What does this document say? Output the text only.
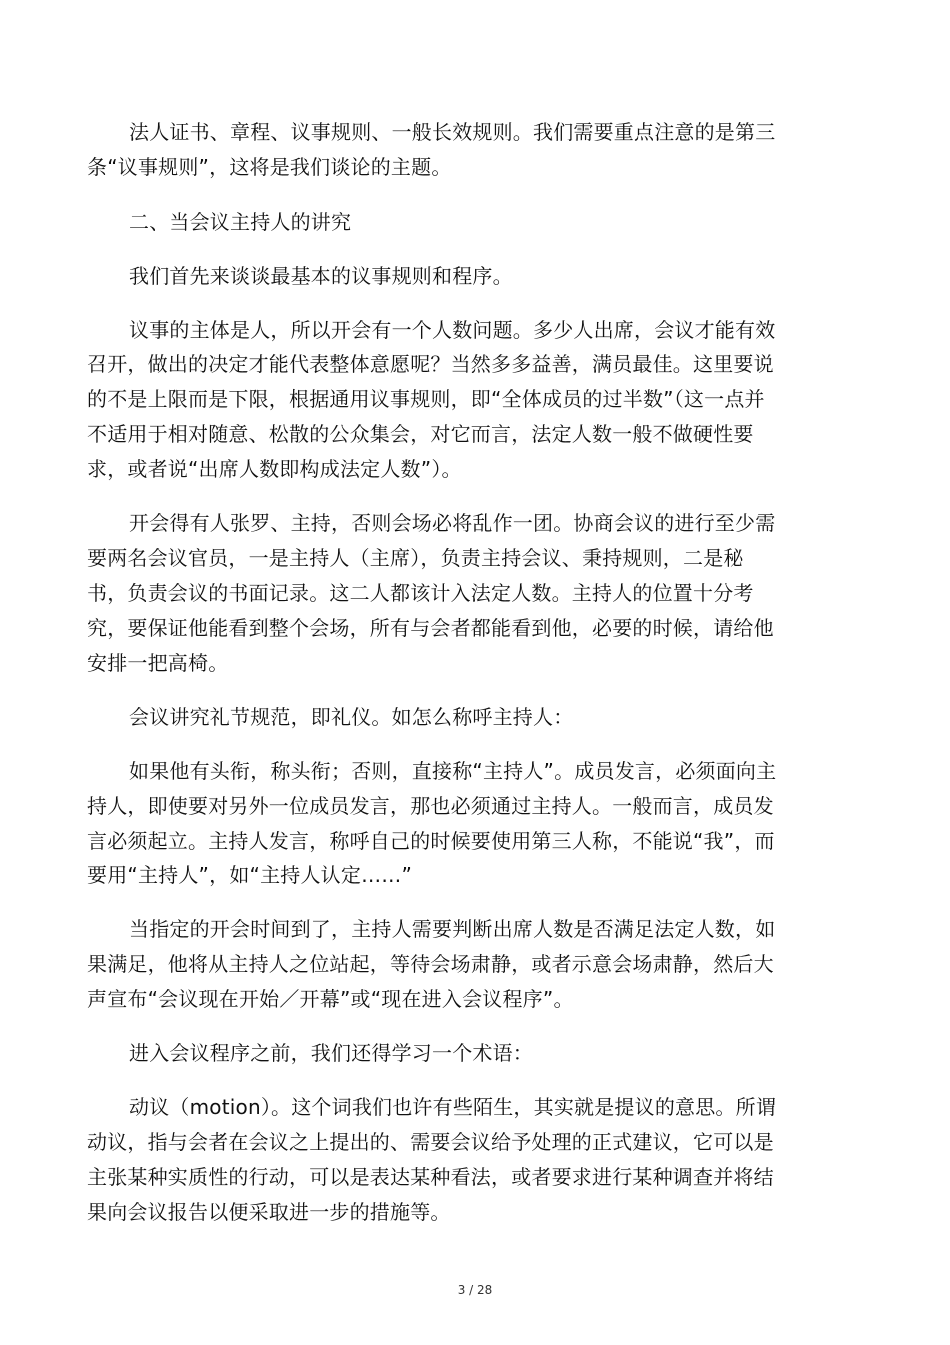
法人证书、章程、议事规则、一般长效规则。我们需要重点注意的是第三
条“议事规则”，这将是我们谈论的主题。
二、当会议主持人的讲究
我们首先来谈谈最基本的议事规则和程序。
议事的主体是人，所以开会有一个人数问题。多少人出席，会议才能有效
召开，做出的决定才能代表整体意愿呢？当然多多益善，满员最佳。这里要说
的不是上限而是下限，根据通用议事规则，即“全体成员的过半数”（这一点并
不适用于相对随意、松散的公众集会，对它而言，法定人数一般不做硬性要
求，或者说“出席人数即构成法定人数”）。
开会得有人张罗、主持，否则会场必将乱作一团。协商会议的进行至少需
要两名会议官员，一是主持人（主席），负责主持会议、秉持规则，二是秘
书，负责会议的书面记录。这二人都该计入法定人数。主持人的位置十分考
究，要保证他能看到整个会场，所有与会者都能看到他，必要的时候，请给他
安排一把高椅。
会议讲究礼节规范，即礼仪。如怎么称呼主持人：
如果他有头衔，称头衔；否则，直接称“主持人”。成员发言，必须面向主
持人，即使要对另外一位成员发言，那也必须通过主持人。一般而言，成员发
言必须起立。主持人发言，称呼自己的时候要使用第三人称，不能说“我”，而
要用“主持人”，如“主持人认定……”
当指定的开会时间到了，主持人需要判断出席人数是否满足法定人数，如
果满足，他将从主持人之位站起，等待会场肃静，或者示意会场肃静，然后大
声宣布“会议现在开始／开幕”或“现在进入会议程序”。
进入会议程序之前，我们还得学习一个术语：
动议（motion）。这个词我们也许有些陌生，其实就是提议的意思。所谓
动议，指与会者在会议之上提出的、需要会议给予处理的正式建议，它可以是
主张某种实质性的行动，可以是表达某种看法，或者要求进行某种调查并将结
果向会议报告以便采取进一步的措施等。
3 / 28
